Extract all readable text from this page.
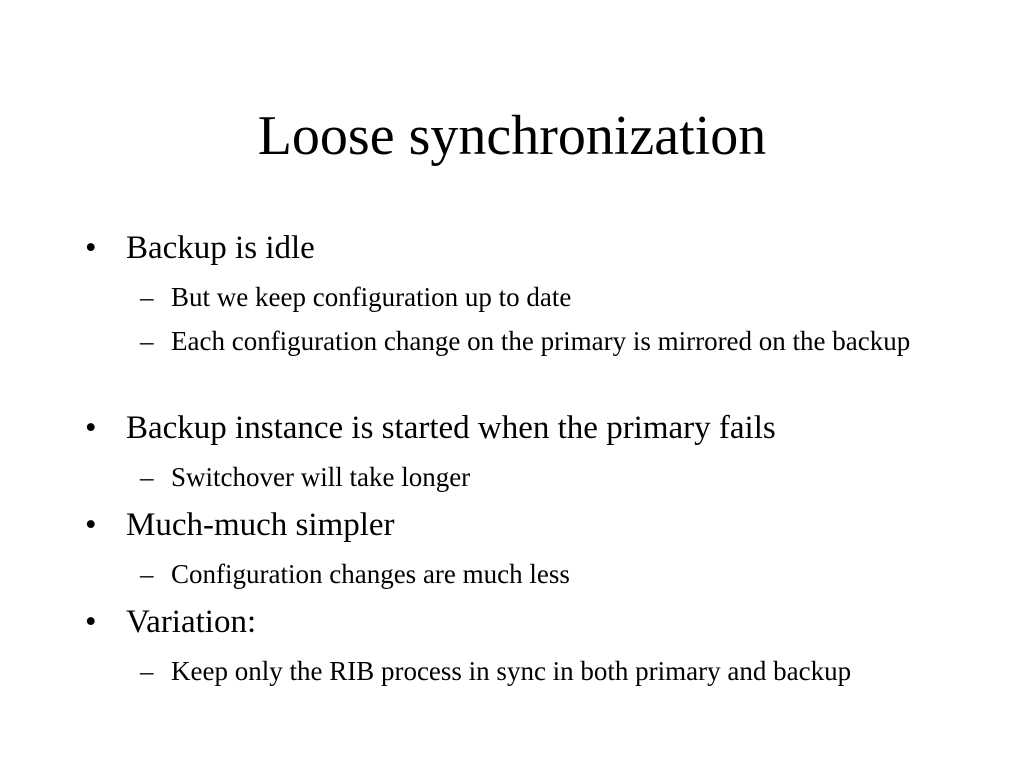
Loose synchronization
• Backup is idle
– But we keep configuration up to date
– Each configuration change on the primary is mirrored on the backup
• Backup instance is started when the primary fails
– Switchover will take longer
• Much-much simpler
– Configuration changes are much less
• Variation:
– Keep only the RIB process in sync in both primary and backup
